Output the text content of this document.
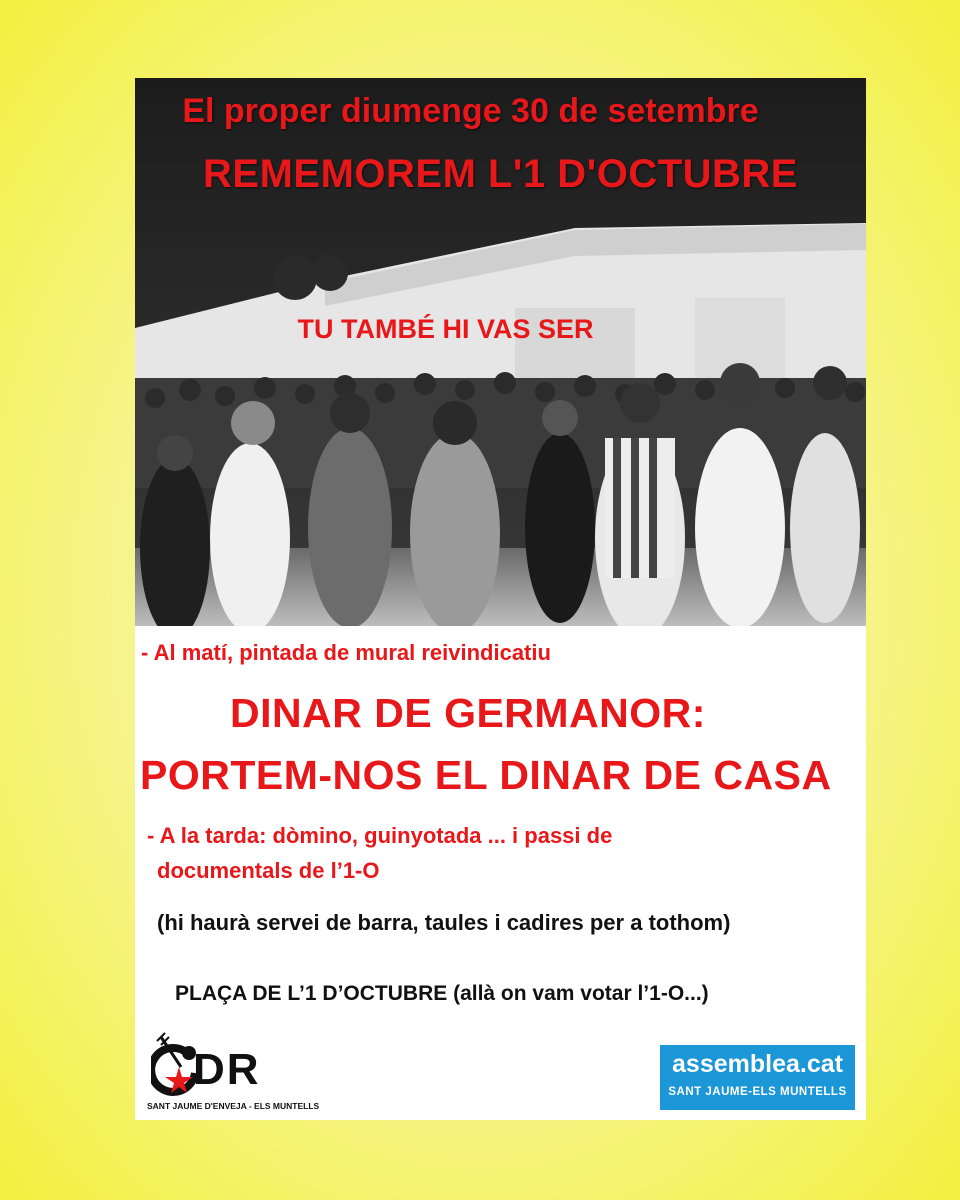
El proper diumenge 30 de setembre
REMEMOREM L'1 D'OCTUBRE
TU TAMBÉ HI VAS SER
- Al matí, pintada de mural reivindicatiu
DINAR DE GERMANOR:
PORTEM-NOS EL DINAR DE CASA
- A la tarda: dòmino, guinyotada ... i passi de
documentals de l’1-O
(hi haurà servei de barra, taules i cadires per a tothom)
PLAÇA DE L’1 D’OCTUBRE (allà on vam votar l’1-O...)
DR
SANT JAUME D'ENVEJA - ELS MUNTELLS
assemblea.cat
SANT JAUME-ELS MUNTELLS
